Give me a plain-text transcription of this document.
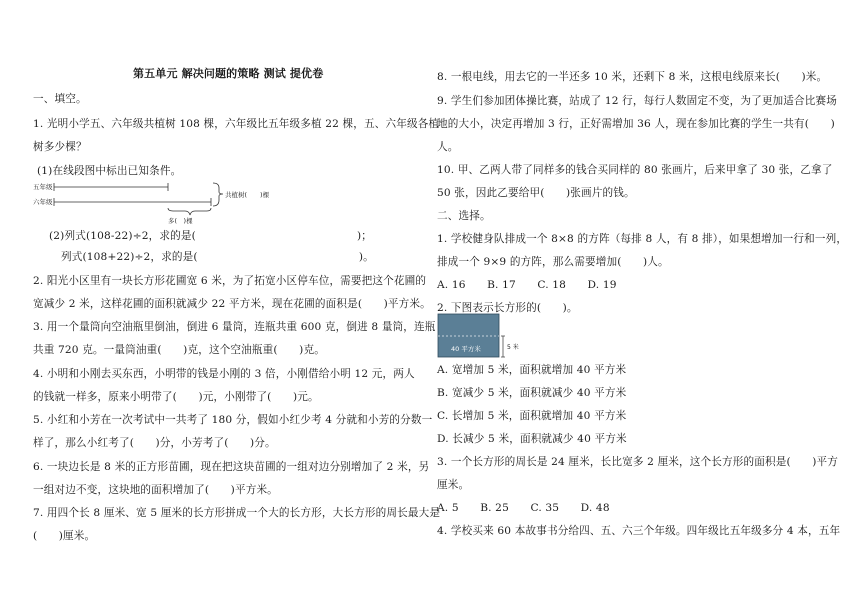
第五单元 解决问题的策略 测试 提优卷
一、填空。
1. 光明小学五、六年级共植树 108 棵，六年级比五年级多植 22 棵，五、六年级各植
树多少棵？
(1)在线段图中标出已知条件。
五年级
六年级
共植树(　　)棵
多(　)棵
(2)列式(108-22)÷2，求的是(　　　　　　　　　　　　　　　)；
列式(108+22)÷2，求的是(　　　　　　　　　　　　　　　)。
2. 阳光小区里有一块长方形花圃宽 6 米，为了拓宽小区停车位，需要把这个花圃的
宽减少 2 米，这样花圃的面积就减少 22 平方米，现在花圃的面积是(　　)平方米。
3. 用一个量筒向空油瓶里倒油，倒进 6 量筒，连瓶共重 600 克，倒进 8 量筒，连瓶
共重 720 克。一量筒油重(　　)克，这个空油瓶重(　　)克。
4. 小明和小刚去买东西，小明带的钱是小刚的 3 倍，小刚借给小明 12 元，两人
的钱就一样多，原来小明带了(　　)元，小刚带了(　　)元。
5. 小红和小芳在一次考试中一共考了 180 分，假如小红少考 4 分就和小芳的分数一
样了，那么小红考了(　　)分，小芳考了(　　)分。
6. 一块边长是 8 米的正方形苗圃，现在把这块苗圃的一组对边分别增加了 2 米，另
一组对边不变，这块地的面积增加了(　　)平方米。
7. 用四个长 8 厘米、宽 5 厘米的长方形拼成一个大的长方形，大长方形的周长最大是
(　　)厘米。
8. 一根电线，用去它的一半还多 10 米，还剩下 8 米，这根电线原来长(　　)米。
9. 学生们参加团体操比赛，站成了 12 行，每行人数固定不变，为了更加适合比赛场
地的大小，决定再增加 3 行，正好需增加 36 人，现在参加比赛的学生一共有(　　)
人。
10. 甲、乙两人带了同样多的钱合买同样的 80 张画片，后来甲拿了 30 张，乙拿了
50 张，因此乙要给甲(　　)张画片的钱。
二、选择。
1. 学校健身队排成一个 8×8 的方阵（每排 8 人，有 8 排），如果想增加一行和一列，
排成一个 9×9 的方阵，那么需要增加(　　)人。
A. 16　　B. 17　　C. 18　　D. 19
2. 下图表示长方形的(　　)。
40 平方米	5 米
A. 宽增加 5 米，面积就增加 40 平方米
B. 宽减少 5 米，面积就减少 40 平方米
C. 长增加 5 米，面积就增加 40 平方米
D. 长减少 5 米，面积就减少 40 平方米
3. 一个长方形的周长是 24 厘米，长比宽多 2 厘米，这个长方形的面积是(　　)平方
厘米。
A. 5　　B. 25　　C. 35　　D. 48
4. 学校买来 60 本故事书分给四、五、六三个年级。四年级比五年级多分 4 本，五年
